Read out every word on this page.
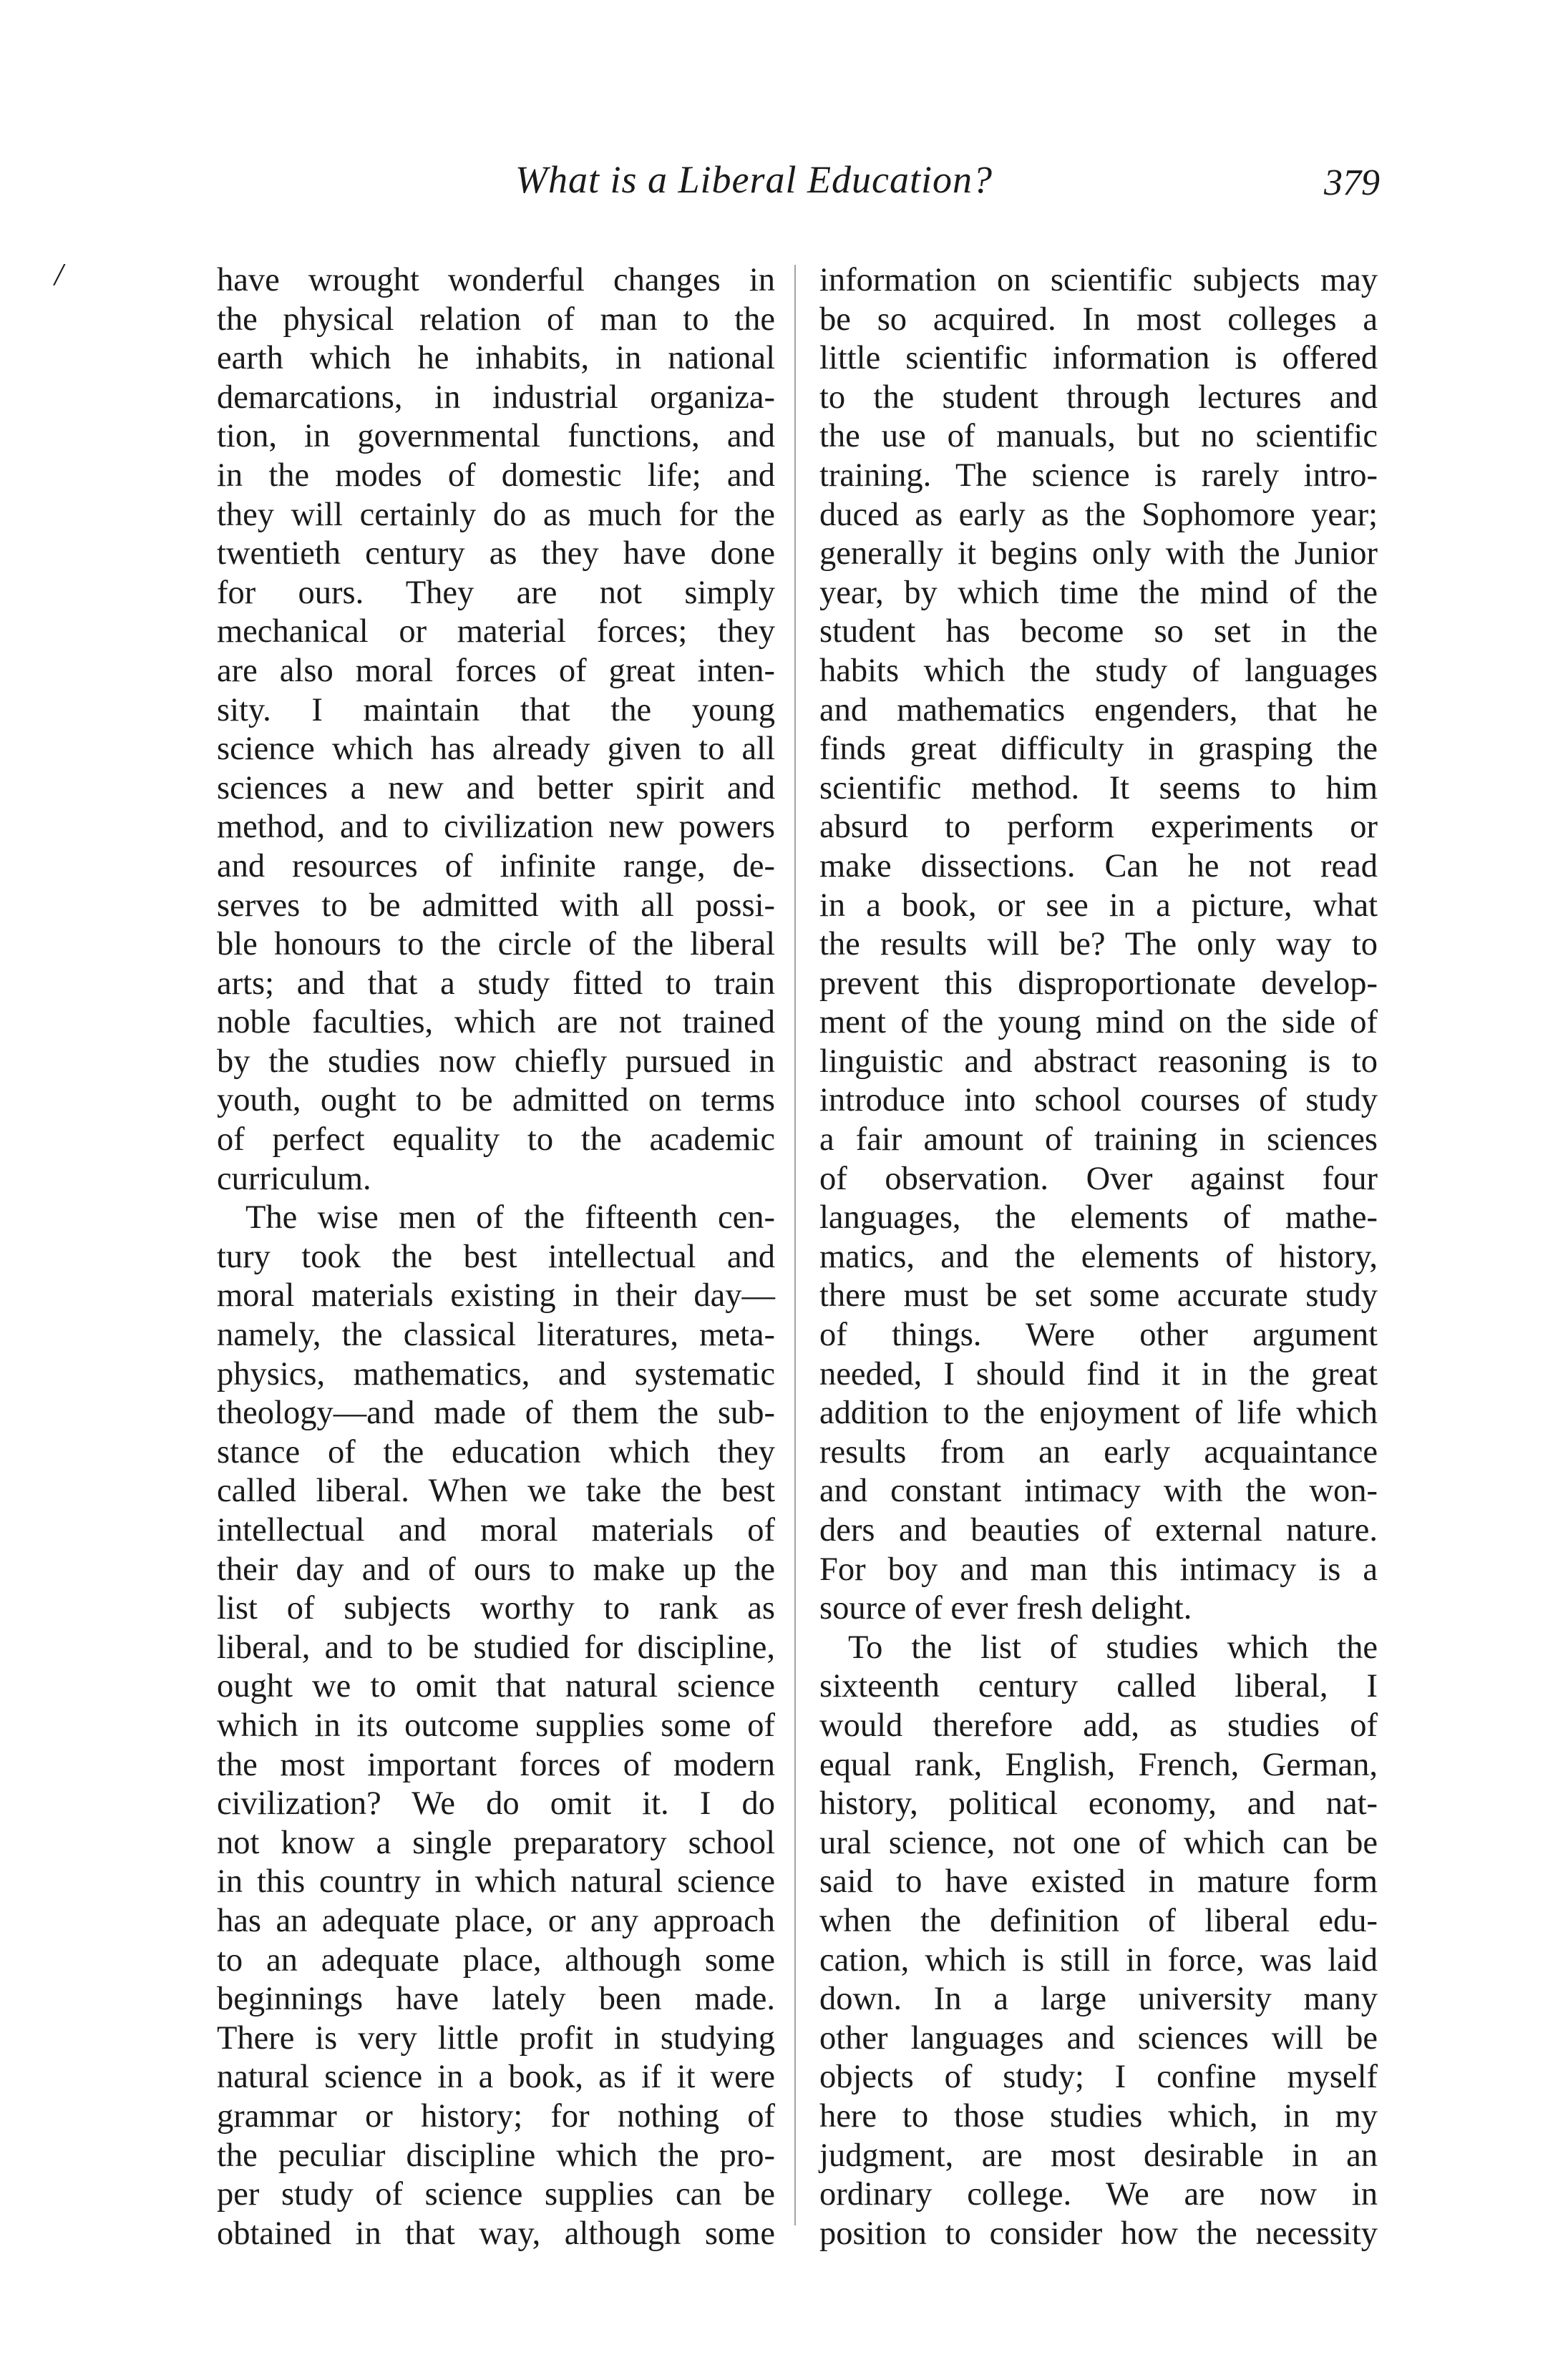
What is a Liberal Education?	379
/	have wrought wonderful changes in
the physical relation of man to the
earth which he inhabits, in national
demarcations, in industrial organiza-
tion, in governmental functions, and
in the modes of domestic life; and
they will certainly do as much for the
twentieth century as they have done
for ours. They are not simply
mechanical or material forces; they
are also moral forces of great inten-
sity. I maintain that the young
science which has already given to all
sciences a new and better spirit and
method, and to civilization new powers
and resources of infinite range, de-
serves to be admitted with all possi-
ble honours to the circle of the liberal
arts; and that a study fitted to train
noble faculties, which are not trained
by the studies now chiefly pursued in
youth, ought to be admitted on terms
of perfect equality to the academic
curriculum.
The wise men of the fifteenth cen-
tury took the best intellectual and
moral materials existing in their day—
namely, the classical literatures, meta-
physics, mathematics, and systematic
theology—and made of them the sub-
stance of the education which they
called liberal. When we take the best
intellectual and moral materials of
their day and of ours to make up the
list of subjects worthy to rank as
liberal, and to be studied for discipline,
ought we to omit that natural science
which in its outcome supplies some of
the most important forces of modern
civilization? We do omit it. I do
not know a single preparatory school
in this country in which natural science
has an adequate place, or any approach
to an adequate place, although some
beginnings have lately been made.
There is very little profit in studying
natural science in a book, as if it were
grammar or history; for nothing of
the peculiar discipline which the pro-
per study of science supplies can be
obtained in that way, although some
information on scientific subjects may
be so acquired. In most colleges a
little scientific information is offered
to the student through lectures and
the use of manuals, but no scientific
training. The science is rarely intro-
duced as early as the Sophomore year;
generally it begins only with the Junior
year, by which time the mind of the
student has become so set in the
habits which the study of languages
and mathematics engenders, that he
finds great difficulty in grasping the
scientific method. It seems to him
absurd to perform experiments or
make dissections. Can he not read
in a book, or see in a picture, what
the results will be? The only way to
prevent this disproportionate develop-
ment of the young mind on the side of
linguistic and abstract reasoning is to
introduce into school courses of study
a fair amount of training in sciences
of observation. Over against four
languages, the elements of mathe-
matics, and the elements of history,
there must be set some accurate study
of things. Were other argument
needed, I should find it in the great
addition to the enjoyment of life which
results from an early acquaintance
and constant intimacy with the won-
ders and beauties of external nature.
For boy and man this intimacy is a
source of ever fresh delight.
To the list of studies which the
sixteenth century called liberal, I
would therefore add, as studies of
equal rank, English, French, German,
history, political economy, and nat-
ural science, not one of which can be
said to have existed in mature form
when the definition of liberal edu-
cation, which is still in force, was laid
down. In a large university many
other languages and sciences will be
objects of study; I confine myself
here to those studies which, in my
judgment, are most desirable in an
ordinary college. We are now in
position to consider how the necessity
